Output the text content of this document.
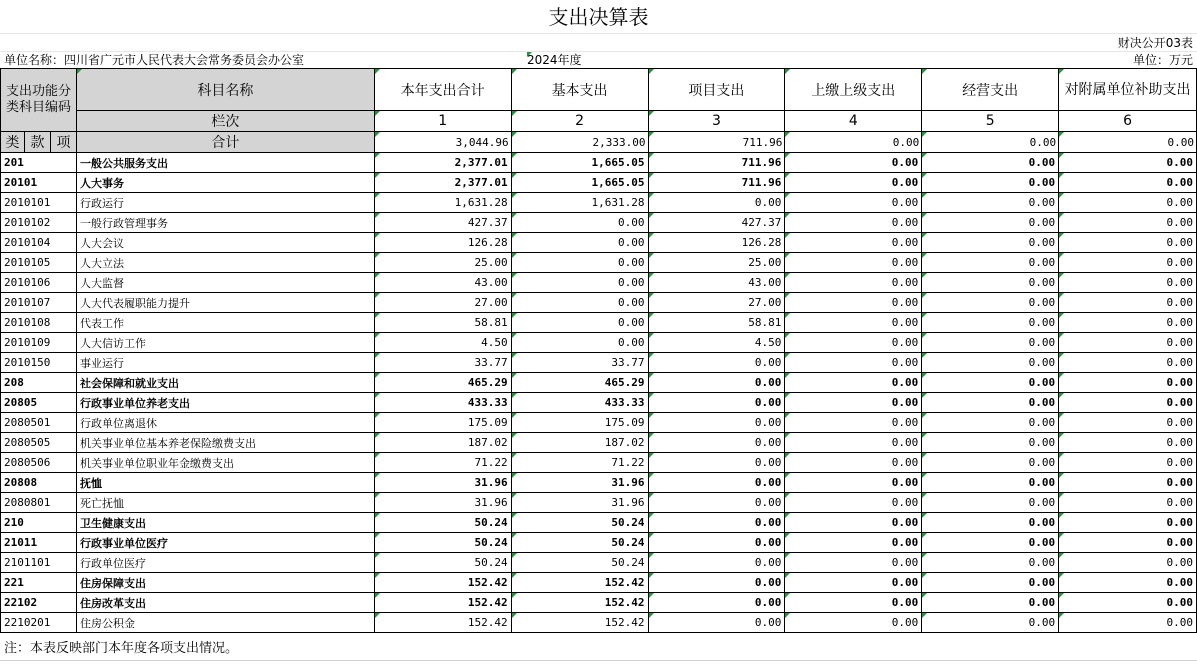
支出决算表
财决公开03表
单位名称：四川省广元市人民代表大会常务委员会办公室	2024年度	单位：万元
支出功能分类科目编码			科目名称	本年支出合计	基本支出	项目支出	上缴上级支出	经营支出	对附属单位补助支出
			栏次	1	2	3	4	5	6
类	款	项	合计	3,044.96	2,333.00	711.96	0.00	0.00	0.00
201			一般公共服务支出	2,377.01	1,665.05	711.96	0.00	0.00	0.00
20101			人大事务	2,377.01	1,665.05	711.96	0.00	0.00	0.00
2010101			行政运行	1,631.28	1,631.28	0.00	0.00	0.00	0.00
2010102			一般行政管理事务	427.37	0.00	427.37	0.00	0.00	0.00
2010104			人大会议	126.28	0.00	126.28	0.00	0.00	0.00
2010105			人大立法	25.00	0.00	25.00	0.00	0.00	0.00
2010106			人大监督	43.00	0.00	43.00	0.00	0.00	0.00
2010107			人大代表履职能力提升	27.00	0.00	27.00	0.00	0.00	0.00
2010108			代表工作	58.81	0.00	58.81	0.00	0.00	0.00
2010109			人大信访工作	4.50	0.00	4.50	0.00	0.00	0.00
2010150			事业运行	33.77	33.77	0.00	0.00	0.00	0.00
208			社会保障和就业支出	465.29	465.29	0.00	0.00	0.00	0.00
20805			行政事业单位养老支出	433.33	433.33	0.00	0.00	0.00	0.00
2080501			行政单位离退休	175.09	175.09	0.00	0.00	0.00	0.00
2080505			机关事业单位基本养老保险缴费支出	187.02	187.02	0.00	0.00	0.00	0.00
2080506			机关事业单位职业年金缴费支出	71.22	71.22	0.00	0.00	0.00	0.00
20808			抚恤	31.96	31.96	0.00	0.00	0.00	0.00
2080801			死亡抚恤	31.96	31.96	0.00	0.00	0.00	0.00
210			卫生健康支出	50.24	50.24	0.00	0.00	0.00	0.00
21011			行政事业单位医疗	50.24	50.24	0.00	0.00	0.00	0.00
2101101			行政单位医疗	50.24	50.24	0.00	0.00	0.00	0.00
221			住房保障支出	152.42	152.42	0.00	0.00	0.00	0.00
22102			住房改革支出	152.42	152.42	0.00	0.00	0.00	0.00
2210201			住房公积金	152.42	152.42	0.00	0.00	0.00	0.00
注：本表反映部门本年度各项支出情况。
